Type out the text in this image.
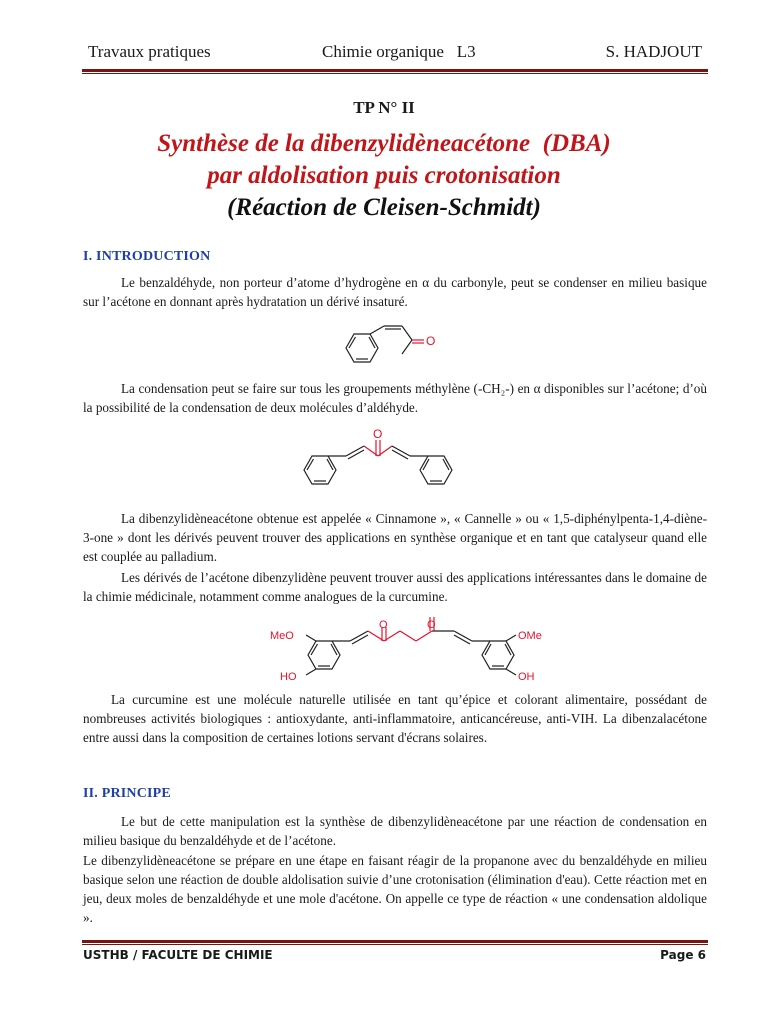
Travaux pratiques	Chimie organique   L3	S. HADJOUT
TP N° II
Synthèse de la dibenzylidèneacétone  (DBA)
par aldolisation puis crotonisation
(Réaction de Cleisen-Schmidt)
I. INTRODUCTION
Le benzaldéhyde, non porteur d’atome d’hydrogène en α du carbonyle, peut se condenser en milieu basique sur l’acétone en donnant après hydratation un dérivé insaturé.
O
La condensation peut se faire sur tous les groupements méthylène (-CH₂-) en α disponibles sur l’acétone; d’où la possibilité de la condensation de deux molécules d’aldéhyde.
O
La dibenzylidèneacétone obtenue est appelée « Cinnamone », « Cannelle » ou « 1,5-diphénylpenta-1,4-diène-3-one » dont les dérivés peuvent trouver des applications en synthèse organique et en tant que catalyseur quand elle est couplée au palladium.
Les dérivés de l’acétone dibenzylidène peuvent trouver aussi des applications intéressantes dans le domaine de la chimie médicinale, notamment comme analogues de la curcumine.
O	O
MeO
HO
OMe
OH
La curcumine est une molécule naturelle utilisée en tant qu’épice et colorant alimentaire, possédant de nombreuses activités biologiques : antioxydante, anti-inflammatoire, anticancéreuse, anti-VIH. La dibenzalacétone entre aussi dans la composition de certaines lotions servant d'écrans solaires.
II. PRINCIPE
Le but de cette manipulation est la synthèse de dibenzylidèneacétone par une réaction de condensation en milieu basique du benzaldéhyde et de l’acétone.
Le dibenzylidèneacétone se prépare en une étape en faisant réagir de la propanone avec du benzaldéhyde en milieu basique selon une réaction de double aldolisation suivie d’une crotonisation (élimination d'eau). Cette réaction met en jeu, deux moles de benzaldéhyde et une mole d'acétone. On appelle ce type de réaction « une condensation aldolique ».
USTHB / FACULTE DE CHIMIE	Page 6
